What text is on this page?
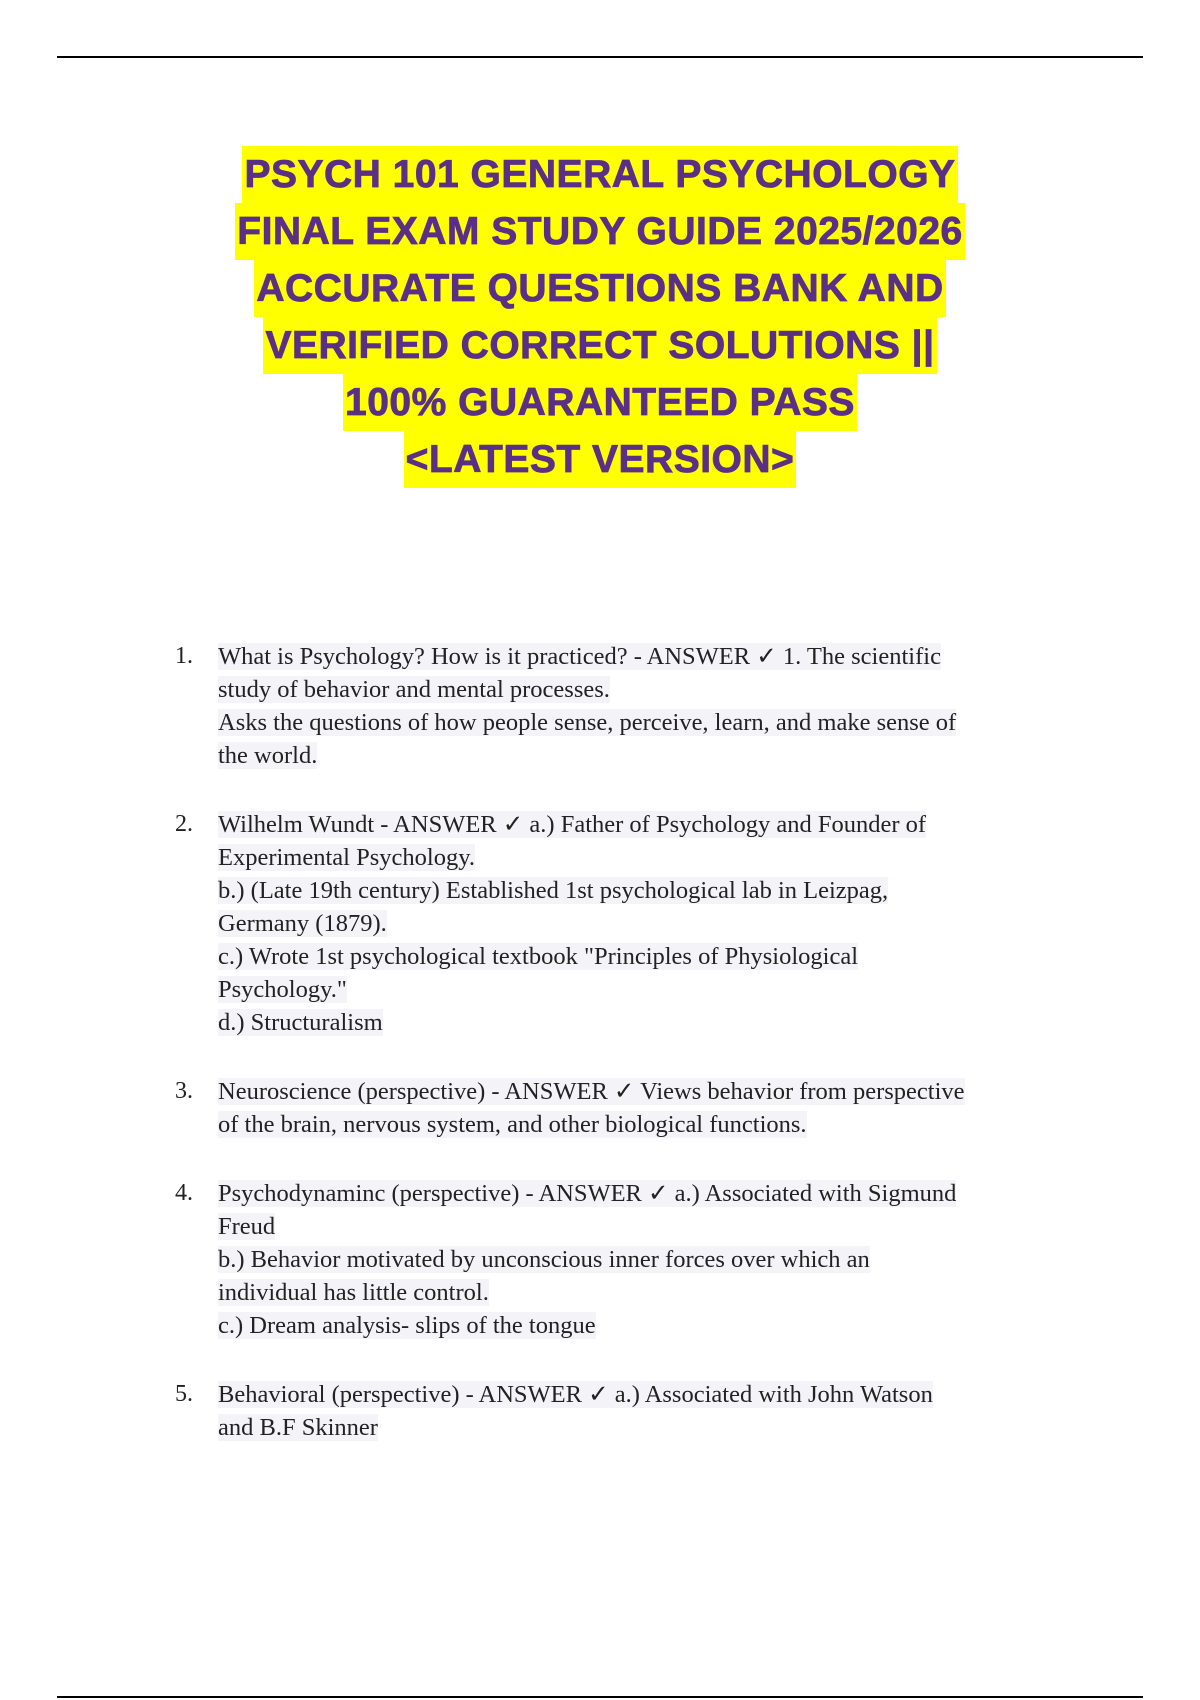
PSYCH 101 GENERAL PSYCHOLOGY
FINAL EXAM STUDY GUIDE 2025/2026
ACCURATE QUESTIONS BANK AND
VERIFIED CORRECT SOLUTIONS ||
100% GUARANTEED PASS
<LATEST VERSION>
1.	What is Psychology? How is it practiced? - ANSWER ✓ 1. The scientific
study of behavior and mental processes.
Asks the questions of how people sense, perceive, learn, and make sense of
the world.
2.	Wilhelm Wundt - ANSWER ✓ a.) Father of Psychology and Founder of
Experimental Psychology.
b.) (Late 19th century) Established 1st psychological lab in Leizpag,
Germany (1879).
c.) Wrote 1st psychological textbook "Principles of Physiological
Psychology."
d.) Structuralism
3.	Neuroscience (perspective) - ANSWER ✓ Views behavior from perspective
of the brain, nervous system, and other biological functions.
4.	Psychodynaminc (perspective) - ANSWER ✓ a.) Associated with Sigmund
Freud
b.) Behavior motivated by unconscious inner forces over which an
individual has little control.
c.) Dream analysis- slips of the tongue
5.	Behavioral (perspective) - ANSWER ✓ a.) Associated with John Watson
and B.F Skinner
